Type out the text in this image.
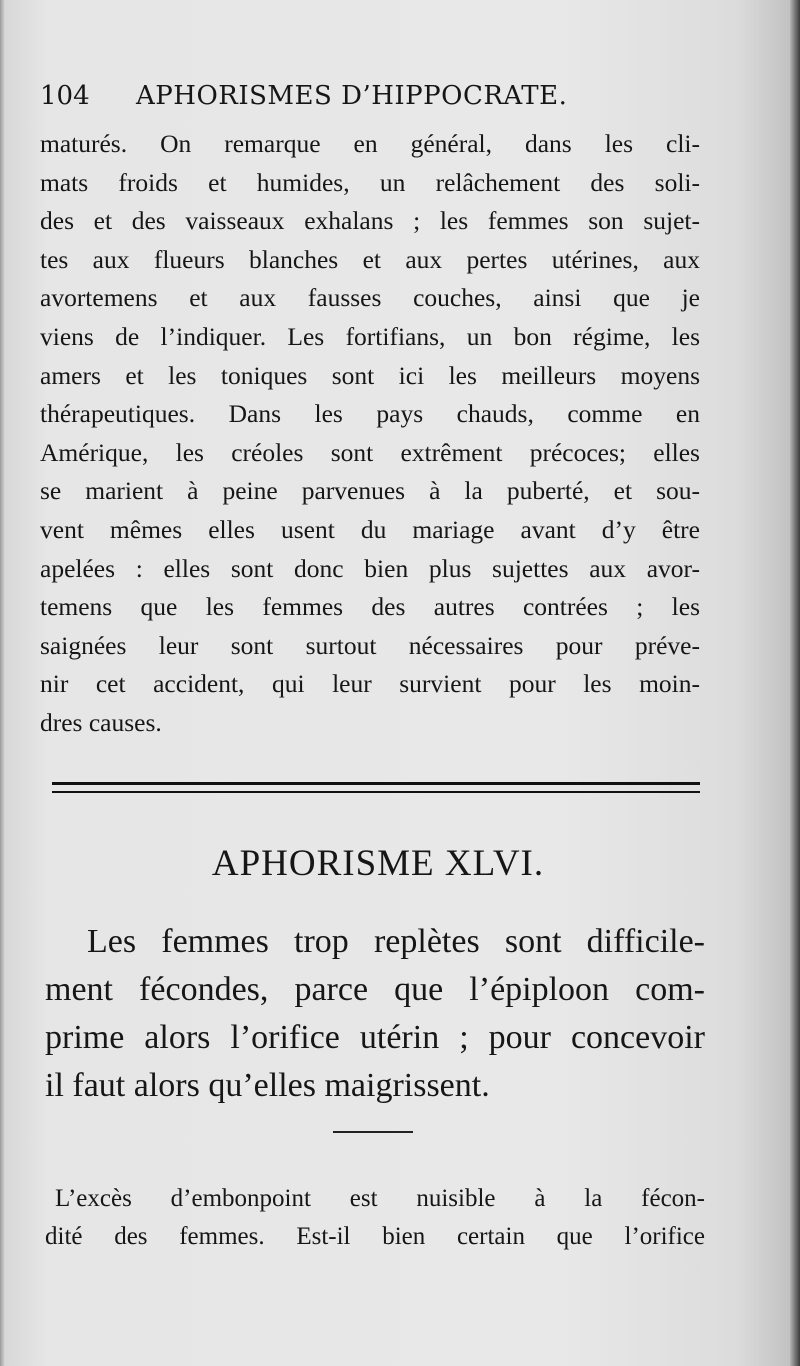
104 APHORISMES D’HIPPOCRATE.
maturés. On remarque en général, dans les cli-
mats froids et humides, un relâchement des soli-
des et des vaisseaux exhalans ; les femmes son sujet-
tes aux flueurs blanches et aux pertes utérines, aux
avortemens et aux fausses couches, ainsi que je
viens de l’indiquer. Les fortifians, un bon régime, les
amers et les toniques sont ici les meilleurs moyens
thérapeutiques. Dans les pays chauds, comme en
Amérique, les créoles sont extrêment précoces; elles
se marient à peine parvenues à la puberté, et sou-
vent mêmes elles usent du mariage avant d’y être
apelées : elles sont donc bien plus sujettes aux avor-
temens que les femmes des autres contrées ; les
saignées leur sont surtout nécessaires pour préve-
nir cet accident, qui leur survient pour les moin-
dres causes.
APHORISME XLVI.
Les femmes trop replètes sont difficile-
ment fécondes, parce que l’épiploon com-
prime alors l’orifice utérin ; pour concevoir
il faut alors qu’elles maigrissent.
L’excès d’embonpoint est nuisible à la fécon-
dité des femmes. Est-il bien certain que l’orifice
